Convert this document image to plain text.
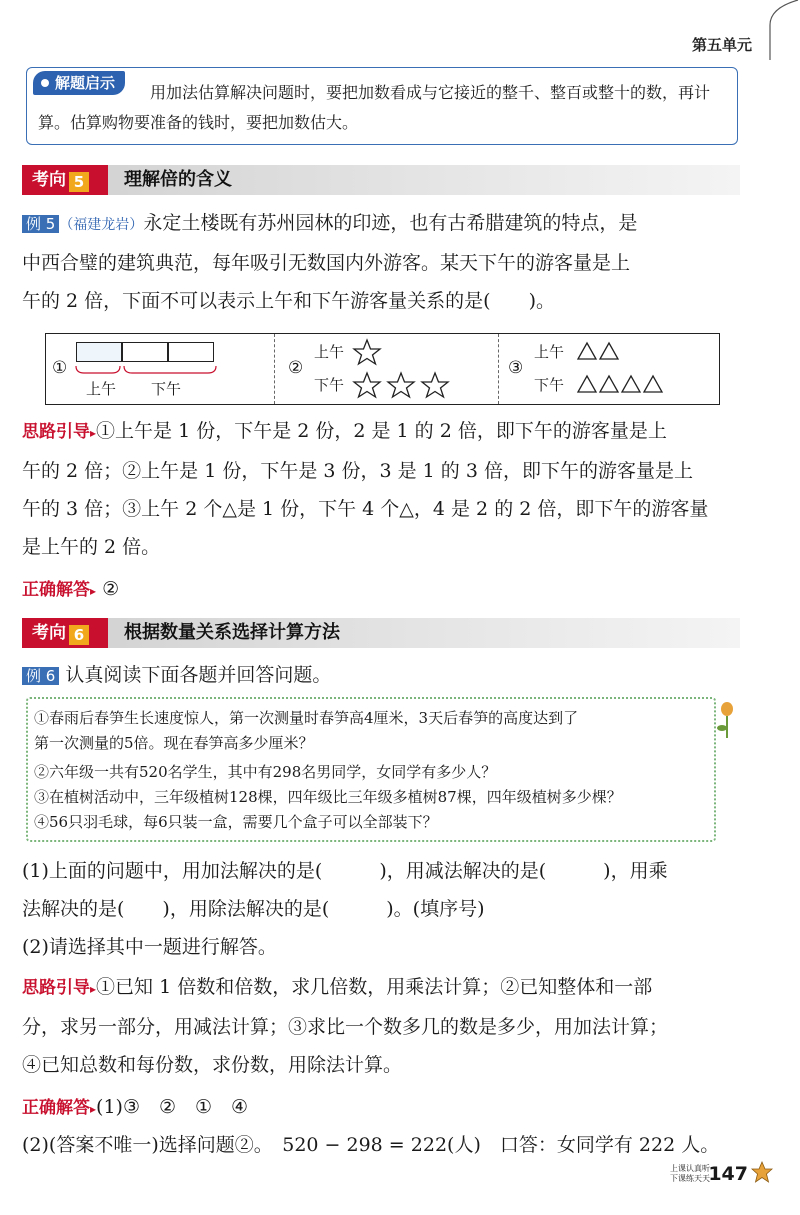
第五单元
解题启示	用加法估算解决问题时，要把加数看成与它接近的整千、整百或整十的数，再计算。估算购物要准备的钱时，要把加数估大。
考向 5	理解倍的含义
例 5 （福建龙岩）永定土楼既有苏州园林的印迹，也有古希腊建筑的特点，是
中西合璧的建筑典范，每年吸引无数国内外游客。某天下午的游客量是上
午的 2 倍，下面不可以表示上午和下午游客量关系的是(　　)。
①
上午 下午
②
上午
下午
③
上午
下午
思路引导▸①上午是 1 份，下午是 2 份，2 是 1 的 2 倍，即下午的游客量是上
午的 2 倍；②上午是 1 份，下午是 3 份，3 是 1 的 3 倍，即下午的游客量是上
午的 3 倍；③上午 2 个△是 1 份，下午 4 个△，4 是 2 的 2 倍，即下午的游客量
是上午的 2 倍。
正确解答▸ ②
考向 6	根据数量关系选择计算方法
例 6 认真阅读下面各题并回答问题。
①春雨后春笋生长速度惊人，第一次测量时春笋高4厘米，3天后春笋的高度达到了
第一次测量的5倍。现在春笋高多少厘米？
②六年级一共有520名学生，其中有298名男同学，女同学有多少人？
③在植树活动中，三年级植树128棵，四年级比三年级多植树87棵，四年级植树多少棵？
④56只羽毛球，每6只装一盒，需要几个盒子可以全部装下？
(1)上面的问题中，用加法解决的是(　　　)，用减法解决的是(　　　)，用乘
法解决的是(　　)，用除法解决的是(　　　)。(填序号)
(2)请选择其中一题进行解答。
思路引导▸①已知 1 倍数和倍数，求几倍数，用乘法计算；②已知整体和一部
分，求另一部分，用减法计算；③求比一个数多几的数是多少，用加法计算；
④已知总数和每份数，求份数，用除法计算。
正确解答▸(1)③　②　①　④
(2)(答案不唯一)选择问题②。　520 − 298 = 222(人)　口答：女同学有 222 人。
上课认真听
下课练天天
147
